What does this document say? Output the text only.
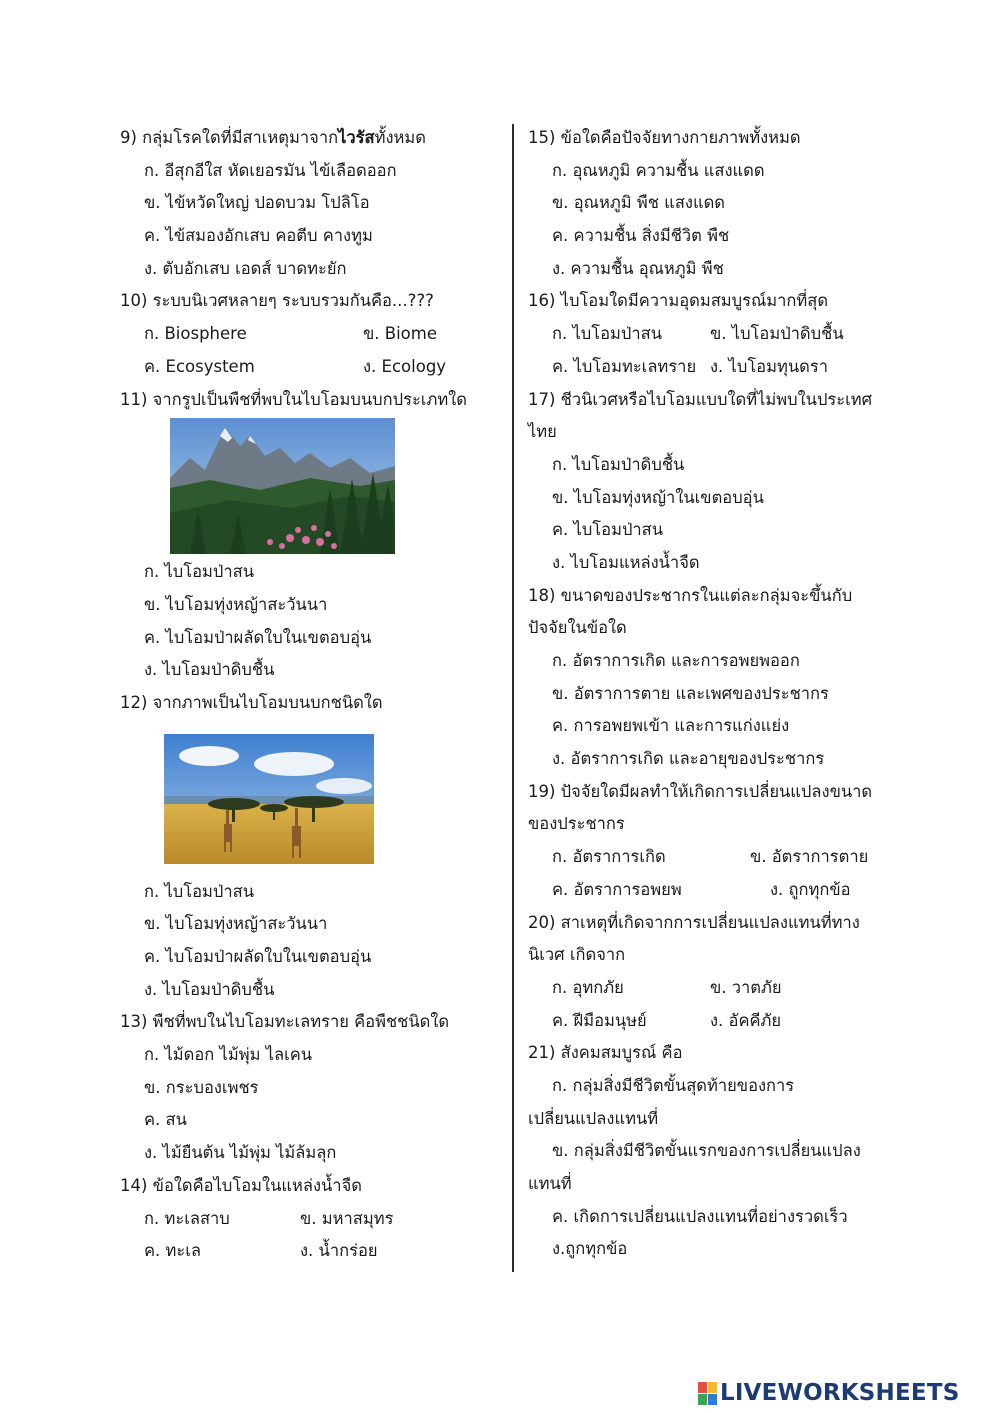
9) กลุ่มโรคใดที่มีสาเหตุมาจากไวรัสทั้งหมด
ก. อีสุกอีใส หัดเยอรมัน ไข้เลือดออก
ข. ไข้หวัดใหญ่ ปอดบวม โปลิโอ
ค. ไข้สมองอักเสบ คอตีบ คางทูม
ง. ตับอักเสบ เอดส์ บาดทะยัก
10) ระบบนิเวศหลายๆ ระบบรวมกันคือ...???
ก. Biosphere	ข. Biome
ค. Ecosystem	ง. Ecology
11) จากรูปเป็นพืชที่พบในไบโอมบนบกประเภทใด
ก. ไบโอมป่าสน
ข. ไบโอมทุ่งหญ้าสะวันนา
ค. ไบโอมป่าผลัดใบในเขตอบอุ่น
ง. ไบโอมป่าดิบชื้น
12) จากภาพเป็นไบโอมบนบกชนิดใด
ก. ไบโอมป่าสน
ข. ไบโอมทุ่งหญ้าสะวันนา
ค. ไบโอมป่าผลัดใบในเขตอบอุ่น
ง. ไบโอมป่าดิบชื้น
13) พืชที่พบในไบโอมทะเลทราย คือพืชชนิดใด
ก. ไม้ดอก ไม้พุ่ม ไลเคน
ข. กระบองเพชร
ค. สน
ง. ไม้ยืนต้น ไม้พุ่ม ไม้ล้มลุก
14) ข้อใดคือไบโอมในแหล่งน้ำจืด
ก. ทะเลสาบ	ข. มหาสมุทร
ค. ทะเล	ง. น้ำกร่อย
15) ข้อใดคือปัจจัยทางกายภาพทั้งหมด
ก. อุณหภูมิ ความชื้น แสงแดด
ข. อุณหภูมิ พืช แสงแดด
ค. ความชื้น สิ่งมีชีวิต พืช
ง. ความชื้น อุณหภูมิ พืช
16) ไบโอมใดมีความอุดมสมบูรณ์มากที่สุด
ก. ไบโอมป่าสน	ข. ไบโอมป่าดิบชื้น
ค. ไบโอมทะเลทราย ง. ไบโอมทุนดรา
17) ชีวนิเวศหรือไบโอมแบบใดที่ไม่พบในประเทศ
ไทย
ก. ไบโอมป่าดิบชื้น
ข. ไบโอมทุ่งหญ้าในเขตอบอุ่น
ค. ไบโอมป่าสน
ง. ไบโอมแหล่งน้ำจืด
18) ขนาดของประชากรในแต่ละกลุ่มจะขึ้นกับ
ปัจจัยในข้อใด
ก. อัตราการเกิด และการอพยพออก
ข. อัตราการตาย และเพศของประชากร
ค. การอพยพเข้า และการแก่งแย่ง
ง. อัตราการเกิด และอายุของประชากร
19) ปัจจัยใดมีผลทำให้เกิดการเปลี่ยนแปลงขนาด
ของประชากร
ก. อัตราการเกิด	ข. อัตราการตาย
ค. อัตราการอพยพ	ง. ถูกทุกข้อ
20) สาเหตุที่เกิดจากการเปลี่ยนแปลงแทนที่ทาง
นิเวศ เกิดจาก
ก. อุทกภัย	ข. วาตภัย
ค. ฝีมือมนุษย์	ง. อัคคีภัย
21) สังคมสมบูรณ์ คือ
ก. กลุ่มสิ่งมีชีวิตขั้นสุดท้ายของการ
เปลี่ยนแปลงแทนที่
ข. กลุ่มสิ่งมีชีวิตขั้นแรกของการเปลี่ยนแปลง
แทนที่
ค. เกิดการเปลี่ยนแปลงแทนที่อย่างรวดเร็ว
ง.ถูกทุกข้อ
LIVEWORKSHEETS
